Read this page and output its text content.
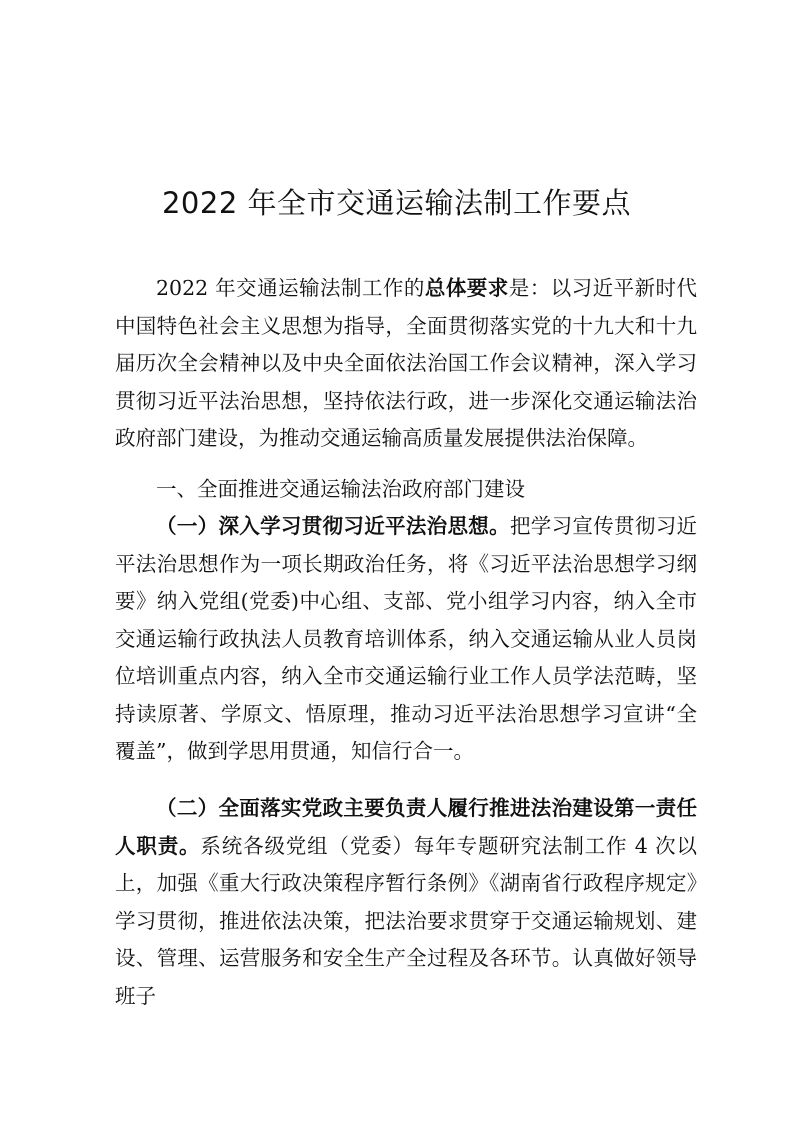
2022 年全市交通运输法制工作要点
2022 年交通运输法制工作的总体要求是：以习近平新时代中国特色社会主义思想为指导，全面贯彻落实党的十九大和十九届历次全会精神以及中央全面依法治国工作会议精神，深入学习贯彻习近平法治思想，坚持依法行政，进一步深化交通运输法治政府部门建设，为推动交通运输高质量发展提供法治保障。
一、全面推进交通运输法治政府部门建设
（一）深入学习贯彻习近平法治思想。把学习宣传贯彻习近平法治思想作为一项长期政治任务，将《习近平法治思想学习纲要》纳入党组(党委)中心组、支部、党小组学习内容，纳入全市交通运输行政执法人员教育培训体系，纳入交通运输从业人员岗位培训重点内容，纳入全市交通运输行业工作人员学法范畴，坚持读原著、学原文、悟原理，推动习近平法治思想学习宣讲“全覆盖”，做到学思用贯通，知信行合一。
（二）全面落实党政主要负责人履行推进法治建设第一责任人职责。系统各级党组（党委）每年专题研究法制工作 4 次以上，加强《重大行政决策程序暂行条例》《湖南省行政程序规定》学习贯彻，推进依法决策，把法治要求贯穿于交通运输规划、建设、管理、运营服务和安全生产全过程及各环节。认真做好领导班子
